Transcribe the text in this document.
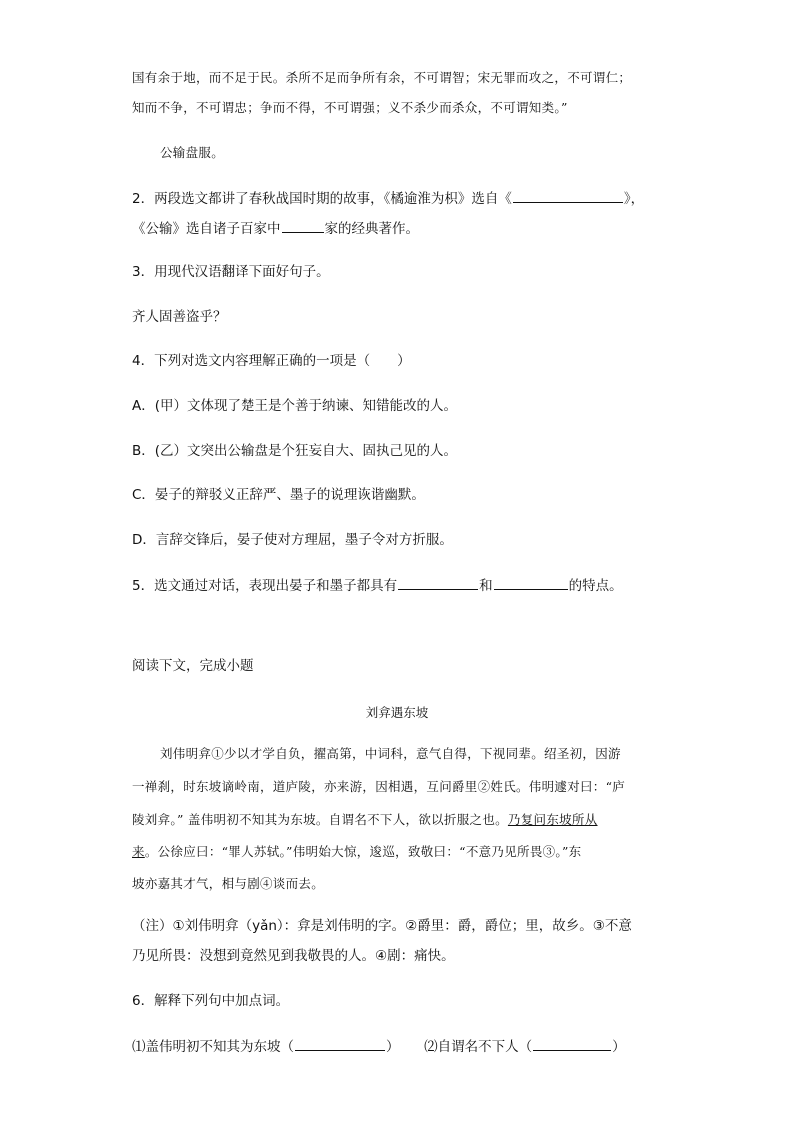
国有余于地，而不足于民。杀所不足而争所有余，不可谓智；宋无罪而攻之，不可谓仁；
知而不争，不可谓忠；争而不得，不可谓强；义不杀少而杀众，不可谓知类。”
公输盘服。
2．两段选文都讲了春秋战国时期的故事，《橘逾淮为枳》选自《	》，
《公输》选自诸子百家中	家的经典著作。
3．用现代汉语翻译下面好句子。
齐人固善盗乎？
4．下列对选文内容理解正确的一项是（　　）
A．(甲）文体现了楚王是个善于纳谏、知错能改的人。
B．(乙）文突出公输盘是个狂妄自大、固执己见的人。
C．晏子的辩驳义正辞严、墨子的说理诙谐幽默。
D．言辞交锋后，晏子使对方理屈，墨子令对方折服。
5．选文通过对话，表现出晏子和墨子都具有	和	的特点。
阅读下文，完成小题
刘弇遇东坡
刘伟明弇①少以才学自负，擢高第，中词科，意气自得，下视同辈。绍圣初，因游
一禅刹，时东坡谪岭南，道庐陵，亦来游，因相遇，互问爵里②姓氏。伟明遽对曰：“庐
陵刘弇。” 盖伟明初不知其为东坡。自谓名不下人，欲以折服之也。乃复问东坡所从
来。公徐应曰：“罪人苏轼。”伟明始大惊，逡巡，致敬曰：“不意乃见所畏③。”东
坡亦嘉其才气，相与剧④谈而去。
（注）①刘伟明弇（yǎn）：弇是刘伟明的字。②爵里：爵，爵位；里，故乡。③不意
乃见所畏：没想到竟然见到我敬畏的人。④剧：痛快。
6．解释下列句中加点词。
⑴盖伟明初不知其为东坡（	） ⑵自谓名不下人（	）
